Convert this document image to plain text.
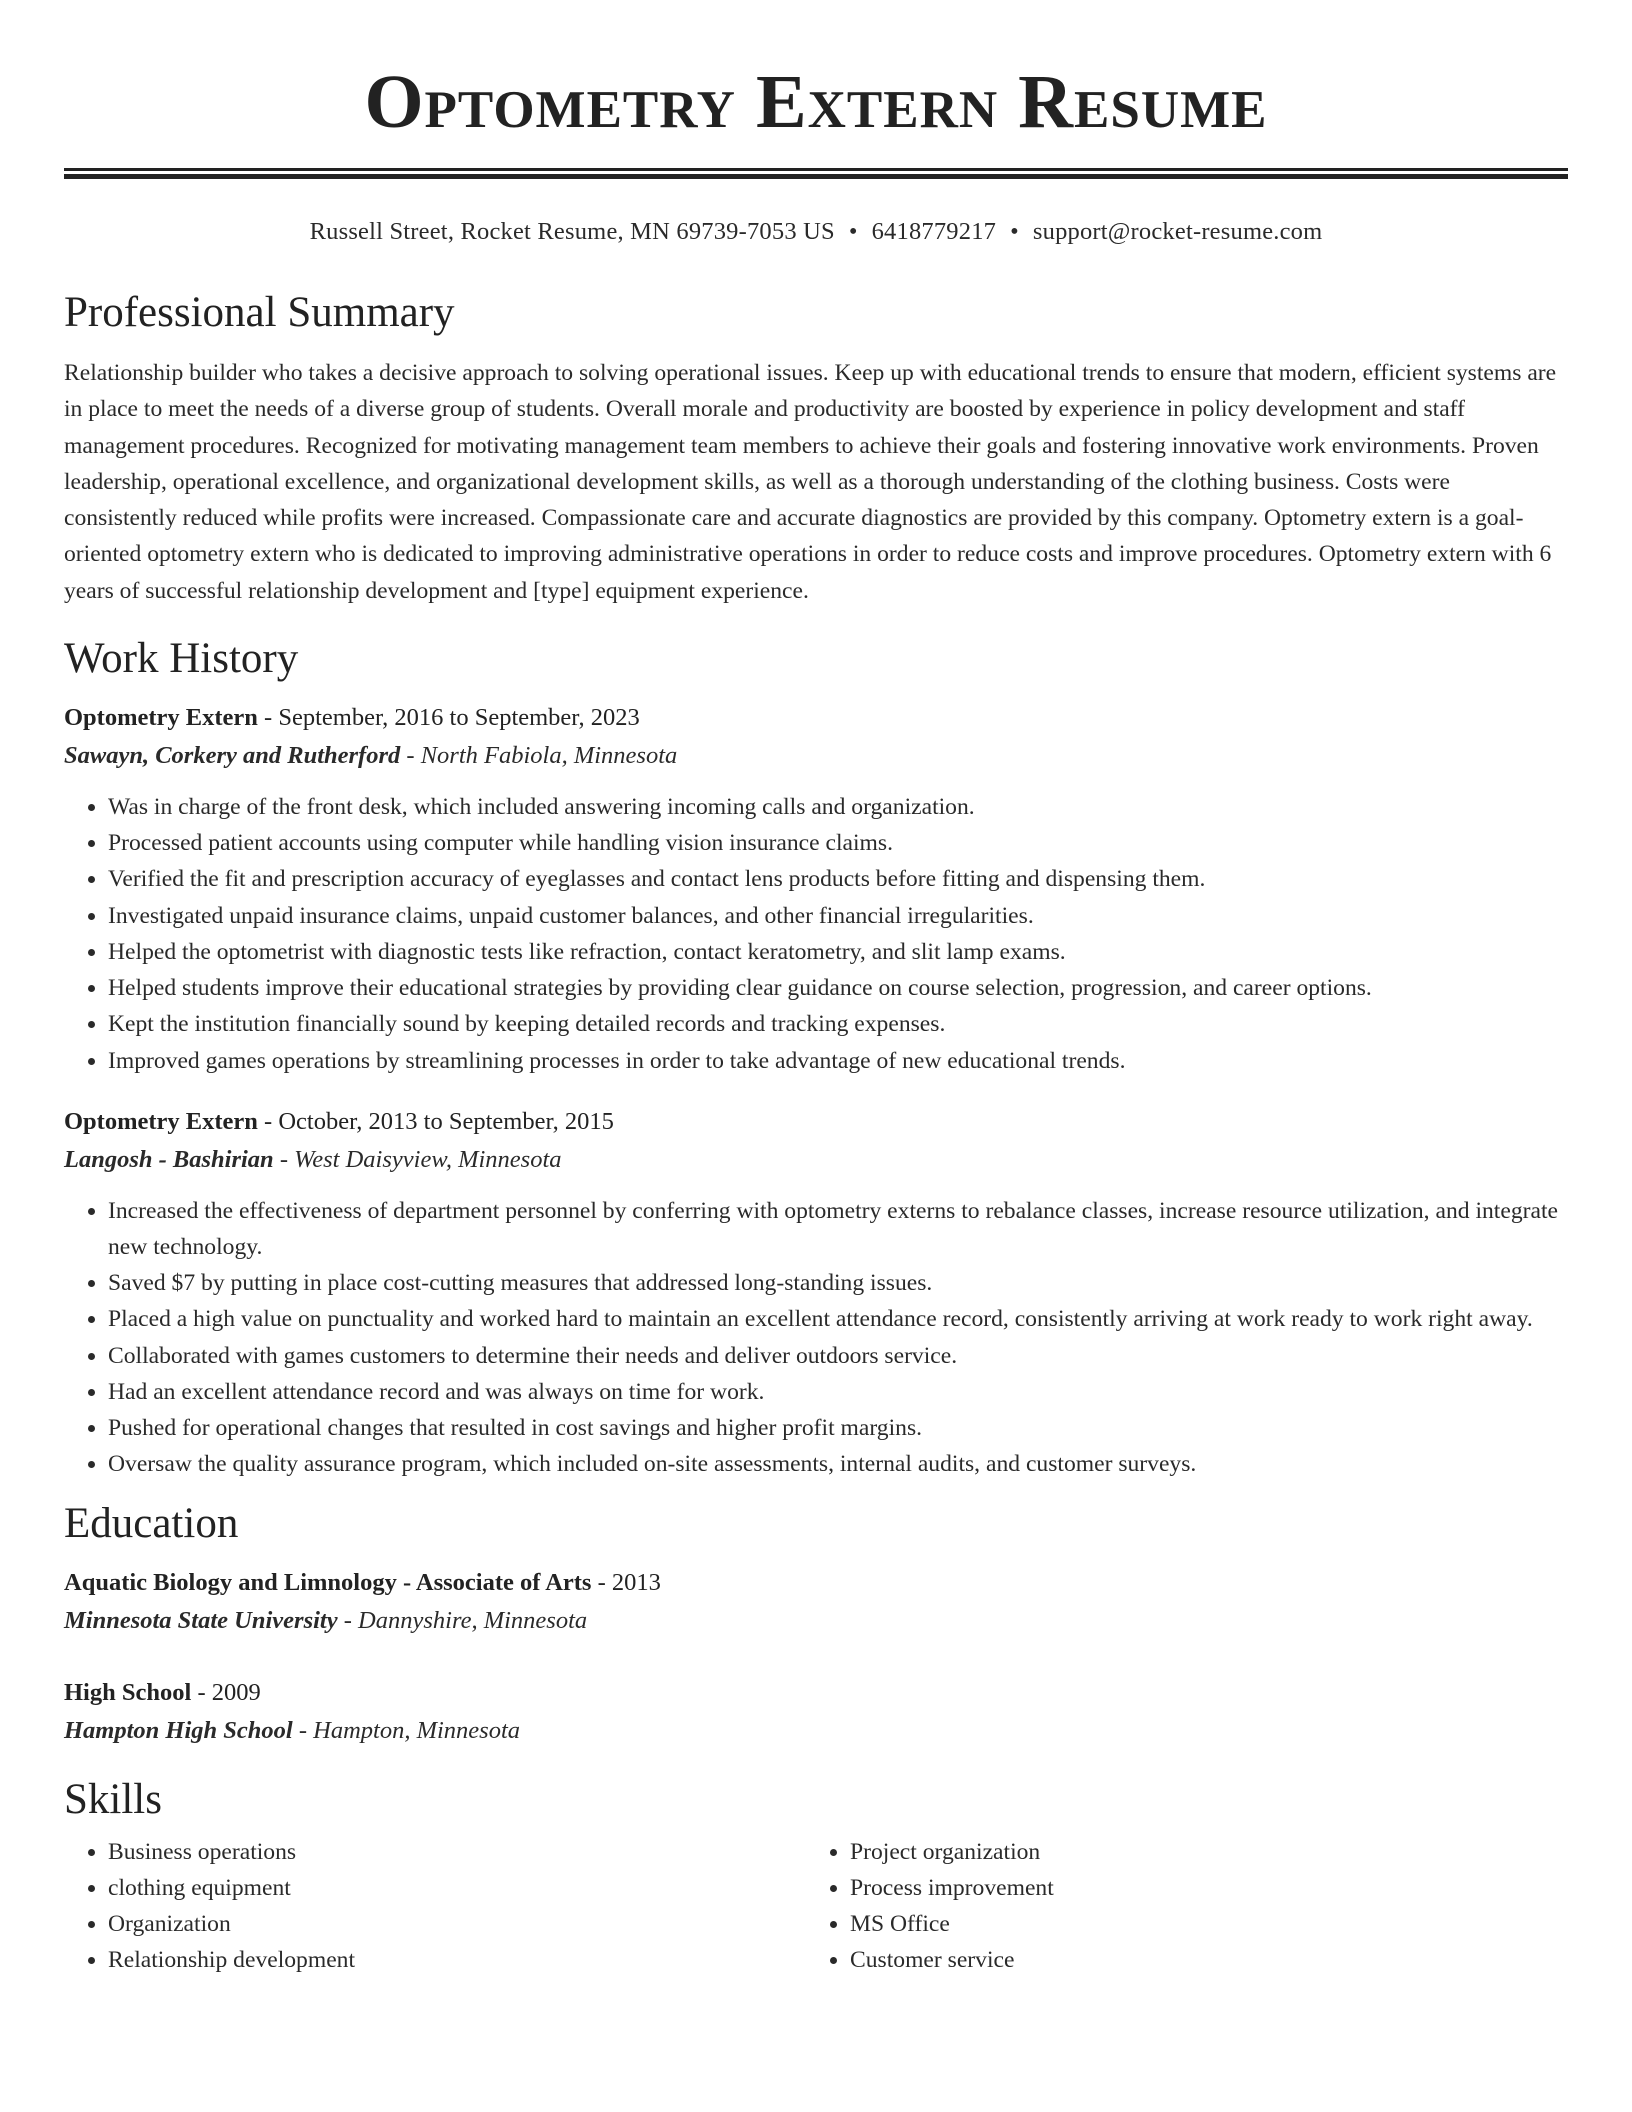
Optometry Extern Resume
Russell Street, Rocket Resume, MN 69739-7053 US • 6418779217 • support@rocket-resume.com
Professional Summary

Relationship builder who takes a decisive approach to solving operational issues. Keep up with educational trends to ensure that modern, efficient systems are in place to meet the needs of a diverse group of students. Overall morale and productivity are boosted by experience in policy development and staff management procedures. Recognized for motivating management team members to achieve their goals and fostering innovative work environments. Proven leadership, operational excellence, and organizational development skills, as well as a thorough understanding of the clothing business. Costs were consistently reduced while profits were increased. Compassionate care and accurate diagnostics are provided by this company. Optometry extern is a goal-oriented optometry extern who is dedicated to improving administrative operations in order to reduce costs and improve procedures. Optometry extern with 6 years of successful relationship development and [type] equipment experience.

Work History
Optometry Extern - September, 2016 to September, 2023
Sawayn, Corkery and Rutherford - North Fabiola, Minnesota
• Was in charge of the front desk, which included answering incoming calls and organization.
• Processed patient accounts using computer while handling vision insurance claims.
• Verified the fit and prescription accuracy of eyeglasses and contact lens products before fitting and dispensing them.
• Investigated unpaid insurance claims, unpaid customer balances, and other financial irregularities.
• Helped the optometrist with diagnostic tests like refraction, contact keratometry, and slit lamp exams.
• Helped students improve their educational strategies by providing clear guidance on course selection, progression, and career options.
• Kept the institution financially sound by keeping detailed records and tracking expenses.
• Improved games operations by streamlining processes in order to take advantage of new educational trends.
Optometry Extern - October, 2013 to September, 2015
Langosh - Bashirian - West Daisyview, Minnesota
• Increased the effectiveness of department personnel by conferring with optometry externs to rebalance classes, increase resource utilization, and integrate new technology.
• Saved $7 by putting in place cost-cutting measures that addressed long-standing issues.
• Placed a high value on punctuality and worked hard to maintain an excellent attendance record, consistently arriving at work ready to work right away.
• Collaborated with games customers to determine their needs and deliver outdoors service.
• Had an excellent attendance record and was always on time for work.
• Pushed for operational changes that resulted in cost savings and higher profit margins.
• Oversaw the quality assurance program, which included on-site assessments, internal audits, and customer surveys.
Education
Aquatic Biology and Limnology - Associate of Arts - 2013
Minnesota State University - Dannyshire, Minnesota
High School - 2009
Hampton High School - Hampton, Minnesota
Skills
• Business operations
• clothing equipment
• Organization
• Relationship development
• Project organization
• Process improvement
• MS Office
• Customer service
